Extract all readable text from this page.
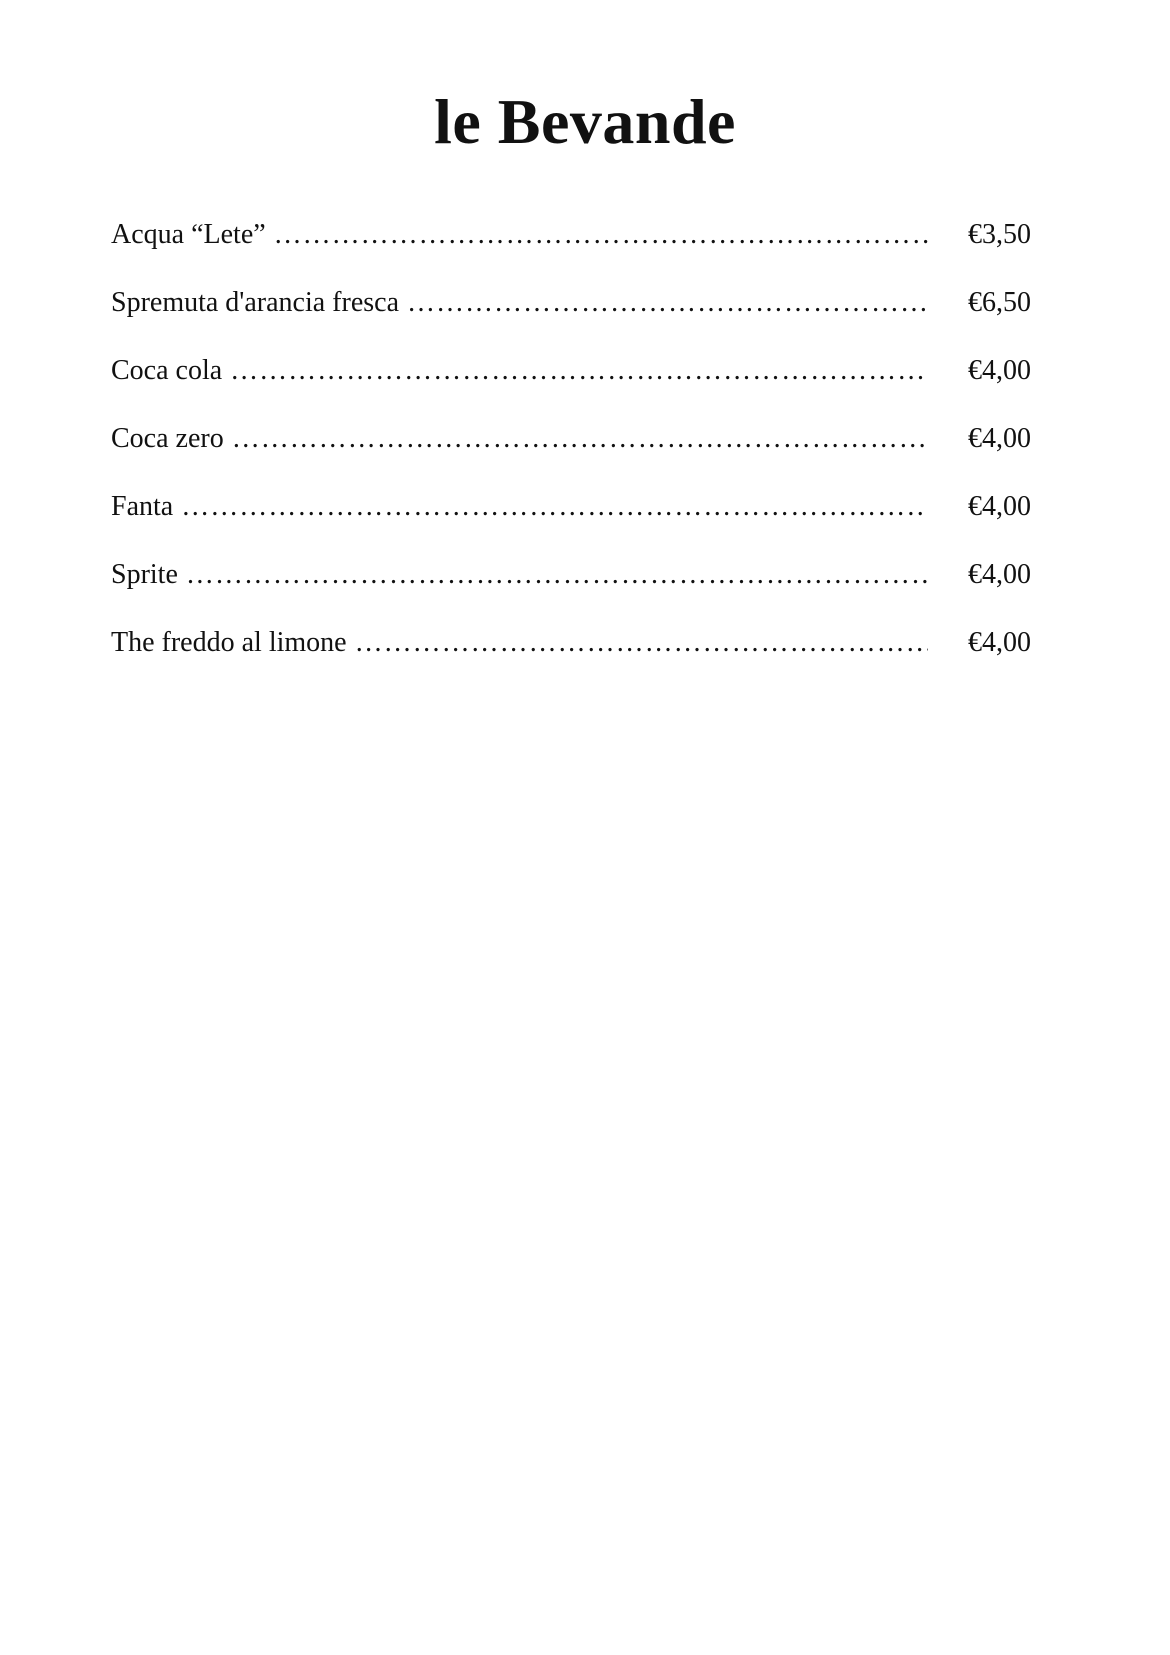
le Bevande
Acqua “Lete” ……………………………………………………………………………………………………………………………………	€ 3,50
Spremuta d'arancia fresca ……………………………………………………………………………………………………………………………………	€ 6,50
Coca cola ……………………………………………………………………………………………………………………………………	€ 4,00
Coca zero ……………………………………………………………………………………………………………………………………	€ 4,00
Fanta ……………………………………………………………………………………………………………………………………	€ 4,00
Sprite ……………………………………………………………………………………………………………………………………	€ 4,00
The freddo al limone ……………………………………………………………………………………………………………………………………	€ 4,00
